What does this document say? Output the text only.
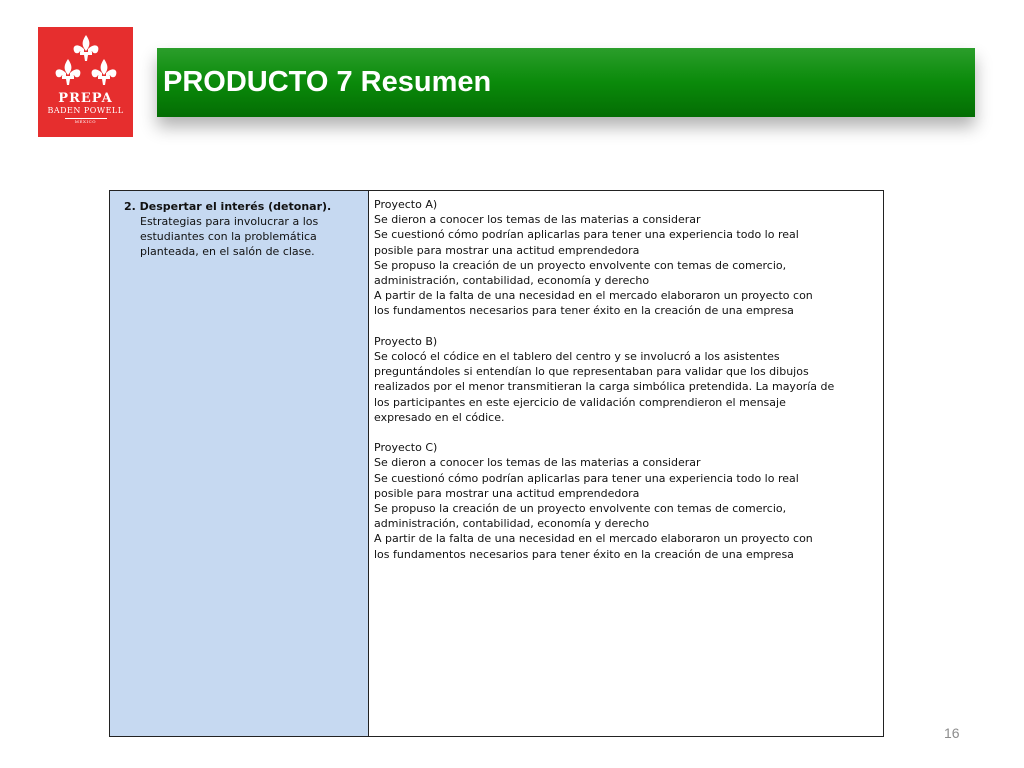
PREPA
BADEN POWELL
MÉXICO
PRODUCTO 7 Resumen
2. Despertar el interés (detonar).
Estrategias para involucrar a los
estudiantes con la problemática
planteada, en el salón de clase.
Proyecto A)
Se dieron a conocer los temas de las materias a considerar
Se cuestionó cómo podrían aplicarlas para tener una experiencia todo lo real
posible para mostrar una actitud emprendedora
Se propuso la creación de un proyecto envolvente con temas de comercio,
administración, contabilidad, economía y derecho
A partir de la falta de una necesidad en el mercado elaboraron un proyecto con
los fundamentos necesarios para tener éxito en la creación de una empresa
Proyecto B)
Se colocó el códice en el tablero del centro y se involucró a los asistentes
preguntándoles si entendían lo que representaban para validar que los dibujos
realizados por el menor transmitieran la carga simbólica pretendida. La mayoría de
los participantes en este ejercicio de validación comprendieron el mensaje
expresado en el códice.
Proyecto C)
Se dieron a conocer los temas de las materias a considerar
Se cuestionó cómo podrían aplicarlas para tener una experiencia todo lo real
posible para mostrar una actitud emprendedora
Se propuso la creación de un proyecto envolvente con temas de comercio,
administración, contabilidad, economía y derecho
A partir de la falta de una necesidad en el mercado elaboraron un proyecto con
los fundamentos necesarios para tener éxito en la creación de una empresa
16
